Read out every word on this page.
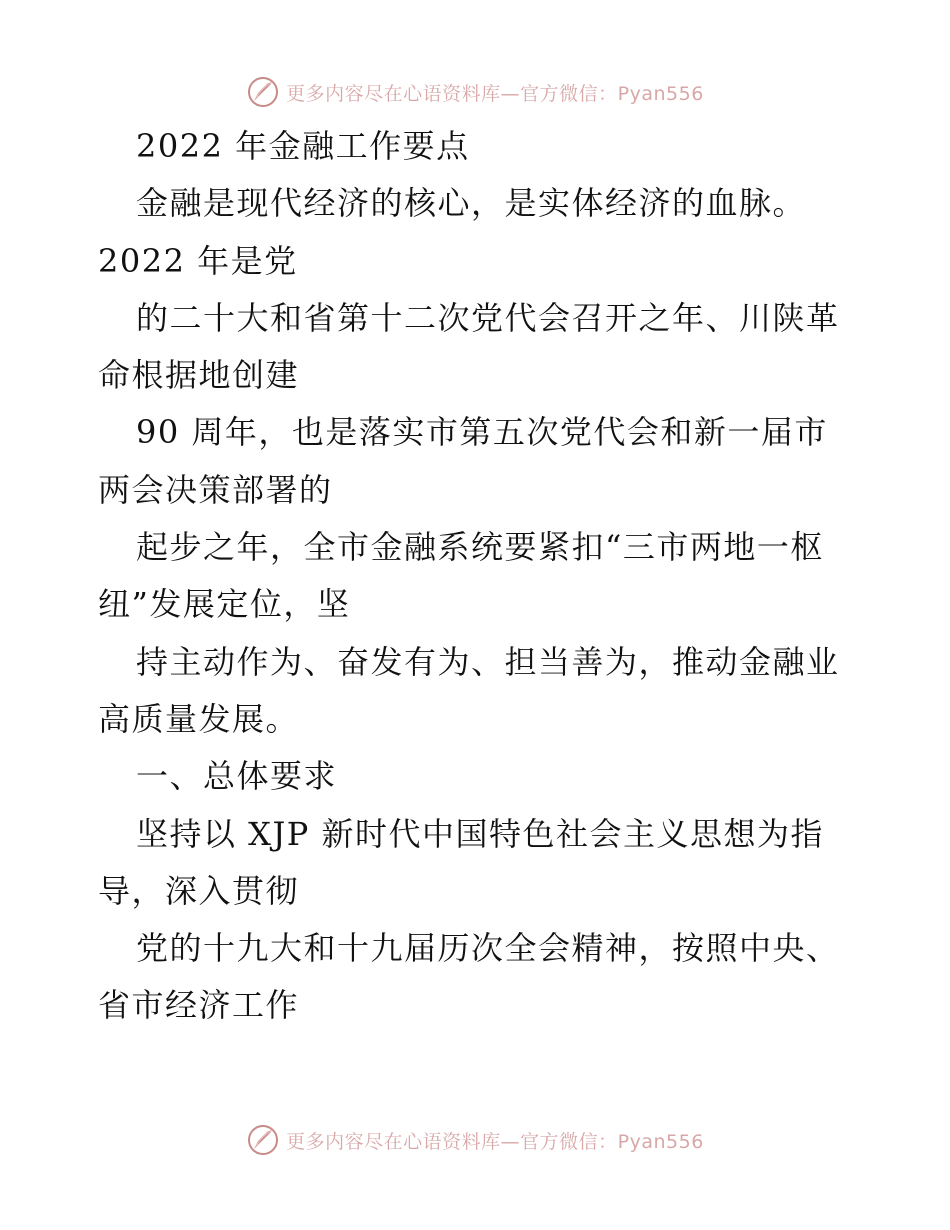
更多内容尽在心语资料库—官方微信：Pyan556
2022 年金融工作要点
金融是现代经济的核心，是实体经济的血脉。
2022 年是党
的二十大和省第十二次党代会召开之年、川陕革
命根据地创建
90 周年，也是落实市第五次党代会和新一届市
两会决策部署的
起步之年，全市金融系统要紧扣“三市两地一枢
纽”发展定位，坚
持主动作为、奋发有为、担当善为，推动金融业
高质量发展。
一、总体要求
坚持以 XJP 新时代中国特色社会主义思想为指
导，深入贯彻
党的十九大和十九届历次全会精神，按照中央、
省市经济工作
更多内容尽在心语资料库—官方微信：Pyan556
